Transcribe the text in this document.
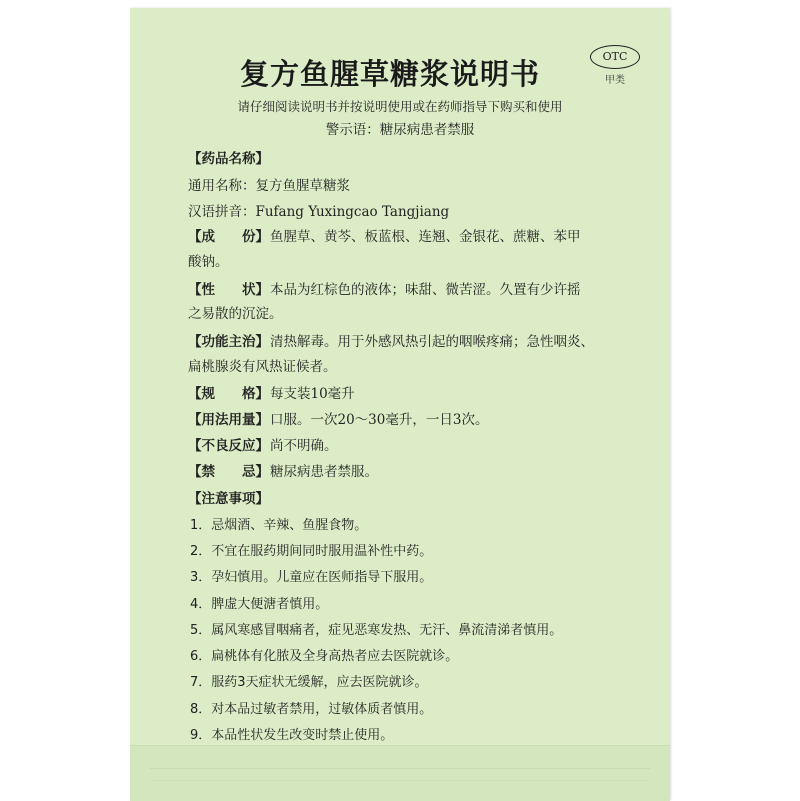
复方鱼腥草糖浆说明书
OTC
甲类
请仔细阅读说明书并按说明使用或在药师指导下购买和使用
警示语：糖尿病患者禁服
【药品名称】
通用名称：复方鱼腥草糖浆
汉语拼音：Fufang Yuxingcao Tangjiang
【成　　份】 鱼腥草、黄芩、板蓝根、连翘、金银花、蔗糖、苯甲
酸钠。
【性　　状】 本品为红棕色的液体；味甜、微苦涩。久置有少许摇
之易散的沉淀。
【功能主治】 清热解毒。用于外感风热引起的咽喉疼痛；急性咽炎、
扁桃腺炎有风热证候者。
【规　　格】 每支装10毫升
【用法用量】 口服。一次20～30毫升，一日3次。
【不良反应】 尚不明确。
【禁　　忌】 糖尿病患者禁服。
【注意事项】
1．忌烟酒、辛辣、鱼腥食物。
2．不宜在服药期间同时服用温补性中药。
3．孕妇慎用。儿童应在医师指导下服用。
4．脾虚大便溏者慎用。
5．属风寒感冒咽痛者，症见恶寒发热、无汗、鼻流清涕者慎用。
6．扁桃体有化脓及全身高热者应去医院就诊。
7．服药3天症状无缓解，应去医院就诊。
8．对本品过敏者禁用，过敏体质者慎用。
9．本品性状发生改变时禁止使用。
